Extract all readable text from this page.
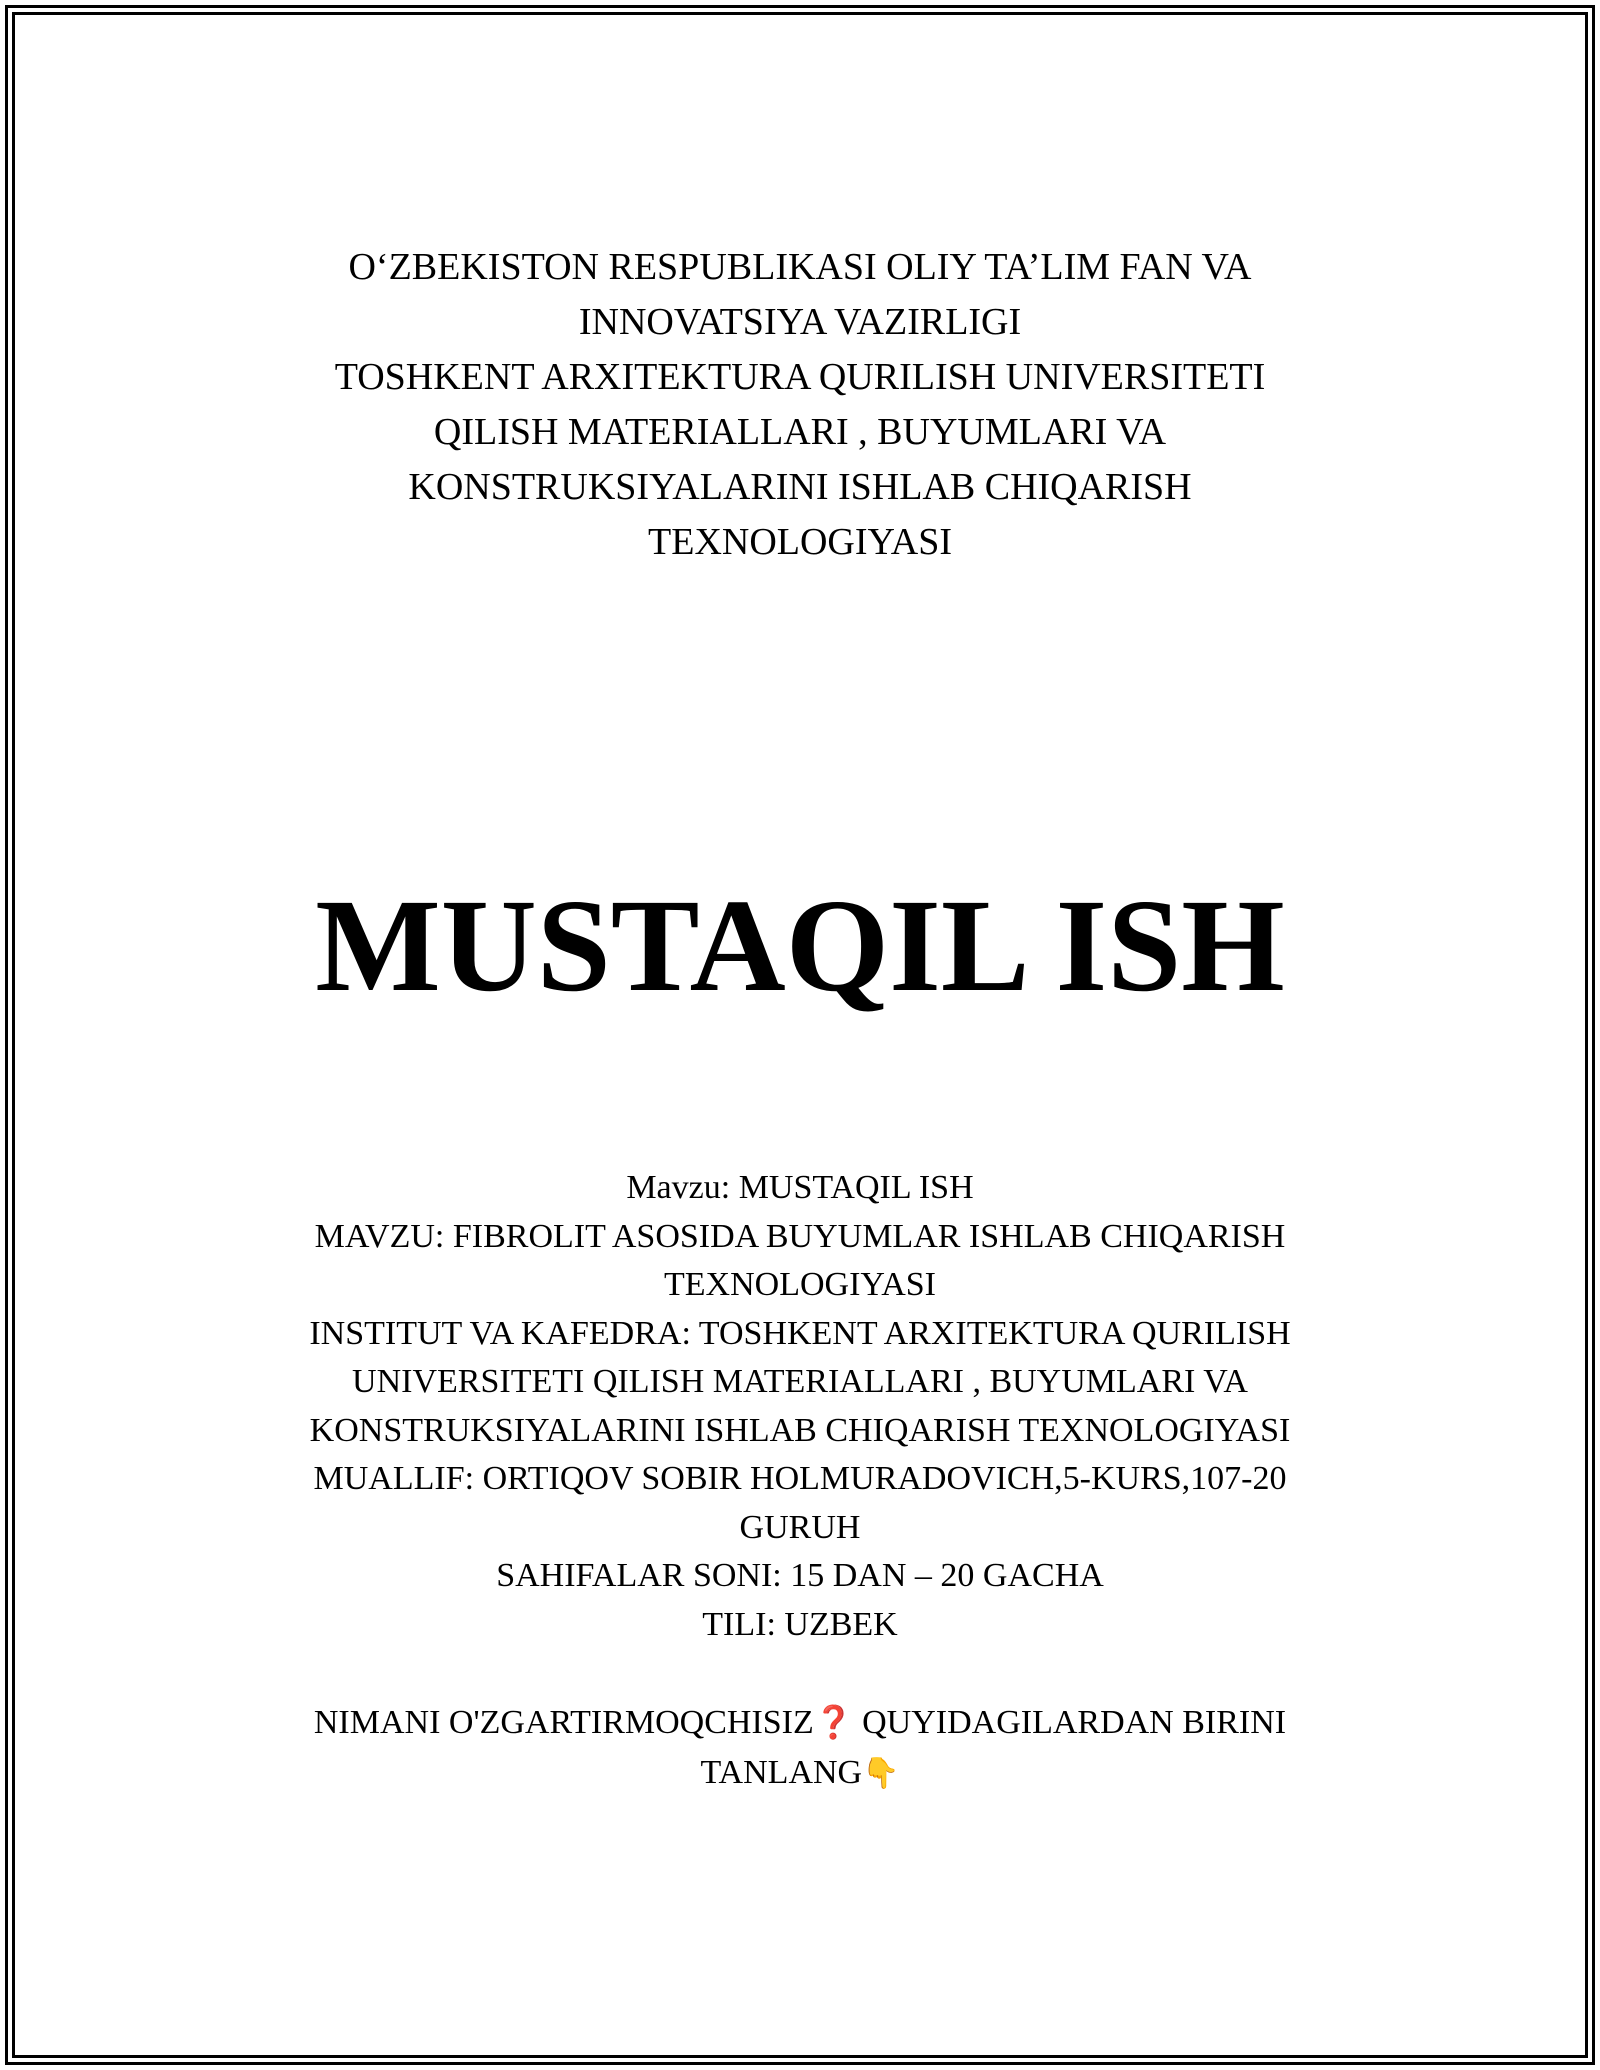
O‘ZBEKISTON RESPUBLIKASI OLIY TA’LIM FAN VA
INNOVATSIYA VAZIRLIGI
TOSHKENT ARXITEKTURA QURILISH UNIVERSITETI
QILISH MATERIALLARI , BUYUMLARI VA
KONSTRUKSIYALARINI ISHLAB CHIQARISH
TEXNOLOGIYASI
MUSTAQIL ISH
Mavzu: MUSTAQIL ISH
MAVZU: FIBROLIT ASOSIDA BUYUMLAR ISHLAB CHIQARISH
TEXNOLOGIYASI
INSTITUT VA KAFEDRA: TOSHKENT ARXITEKTURA QURILISH
UNIVERSITETI QILISH MATERIALLARI , BUYUMLARI VA
KONSTRUKSIYALARINI ISHLAB CHIQARISH TEXNOLOGIYASI
MUALLIF: ORTIQOV SOBIR HOLMURADOVICH,5-KURS,107-20
GURUH
SAHIFALAR SONI: 15 DAN – 20 GACHA
TILI: UZBEK
NIMANI O'ZGARTIRMOQCHISIZ❓ QUYIDAGILARDAN BIRINI
TANLANG👇
